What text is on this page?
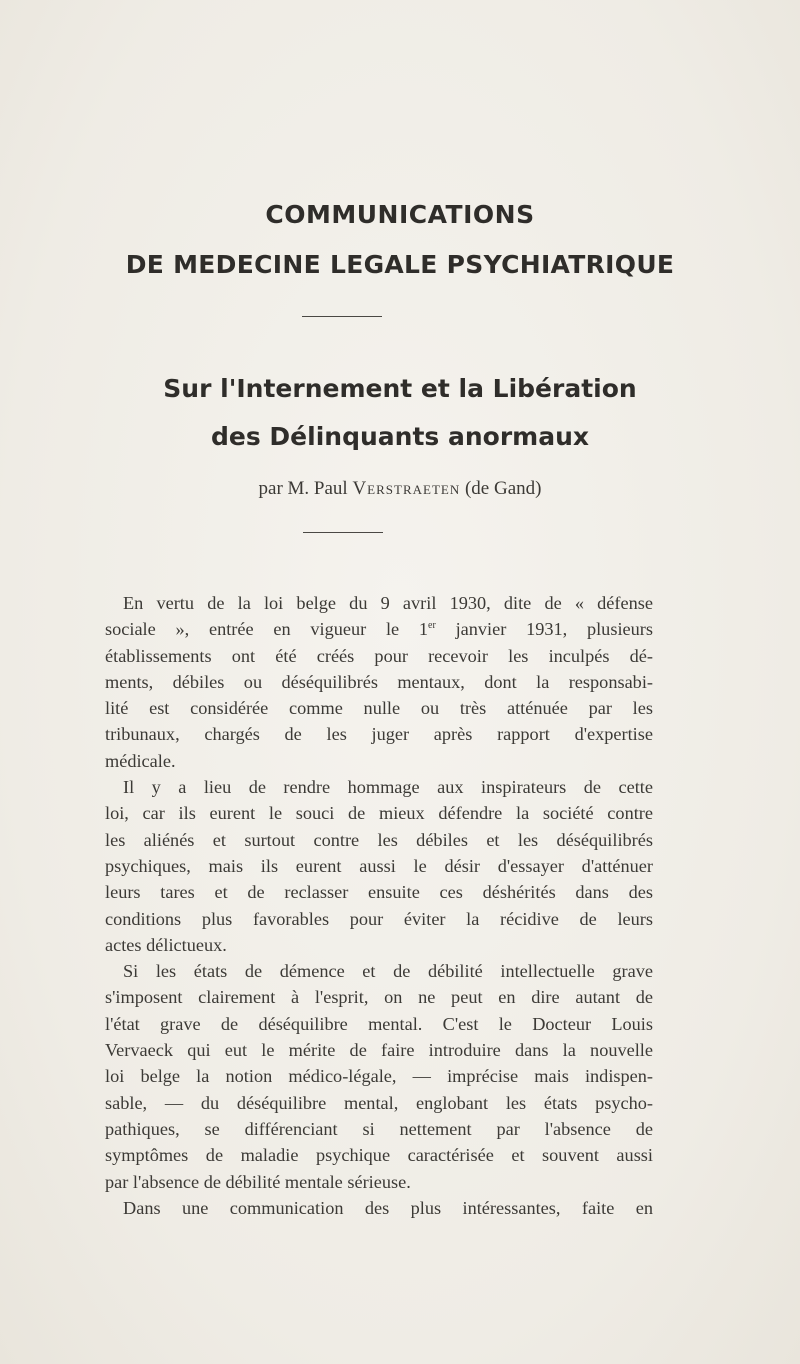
COMMUNICATIONS
DE MEDECINE LEGALE PSYCHIATRIQUE
Sur l'Internement et la Libération
des Délinquants anormaux
par M. Paul Verstraeten (de Gand)

En vertu de la loi belge du 9 avril 1930, dite de « défense
sociale », entrée en vigueur le 1er janvier 1931, plusieurs
établissements ont été créés pour recevoir les inculpés dé-
ments, débiles ou déséquilibrés mentaux, dont la responsabi-
lité est considérée comme nulle ou très atténuée par les
tribunaux, chargés de les juger après rapport d'expertise
médicale.

Il y a lieu de rendre hommage aux inspirateurs de cette
loi, car ils eurent le souci de mieux défendre la société contre
les aliénés et surtout contre les débiles et les déséquilibrés
psychiques, mais ils eurent aussi le désir d'essayer d'atténuer
leurs tares et de reclasser ensuite ces déshérités dans des
conditions plus favorables pour éviter la récidive de leurs
actes délictueux.

Si les états de démence et de débilité intellectuelle grave
s'imposent clairement à l'esprit, on ne peut en dire autant de
l'état grave de déséquilibre mental. C'est le Docteur Louis
Vervaeck qui eut le mérite de faire introduire dans la nouvelle
loi belge la notion médico-légale, — imprécise mais indispen-
sable, — du déséquilibre mental, englobant les états psycho-
pathiques, se différenciant si nettement par l'absence de
symptômes de maladie psychique caractérisée et souvent aussi
par l'absence de débilité mentale sérieuse.

Dans une communication des plus intéressantes, faite en
